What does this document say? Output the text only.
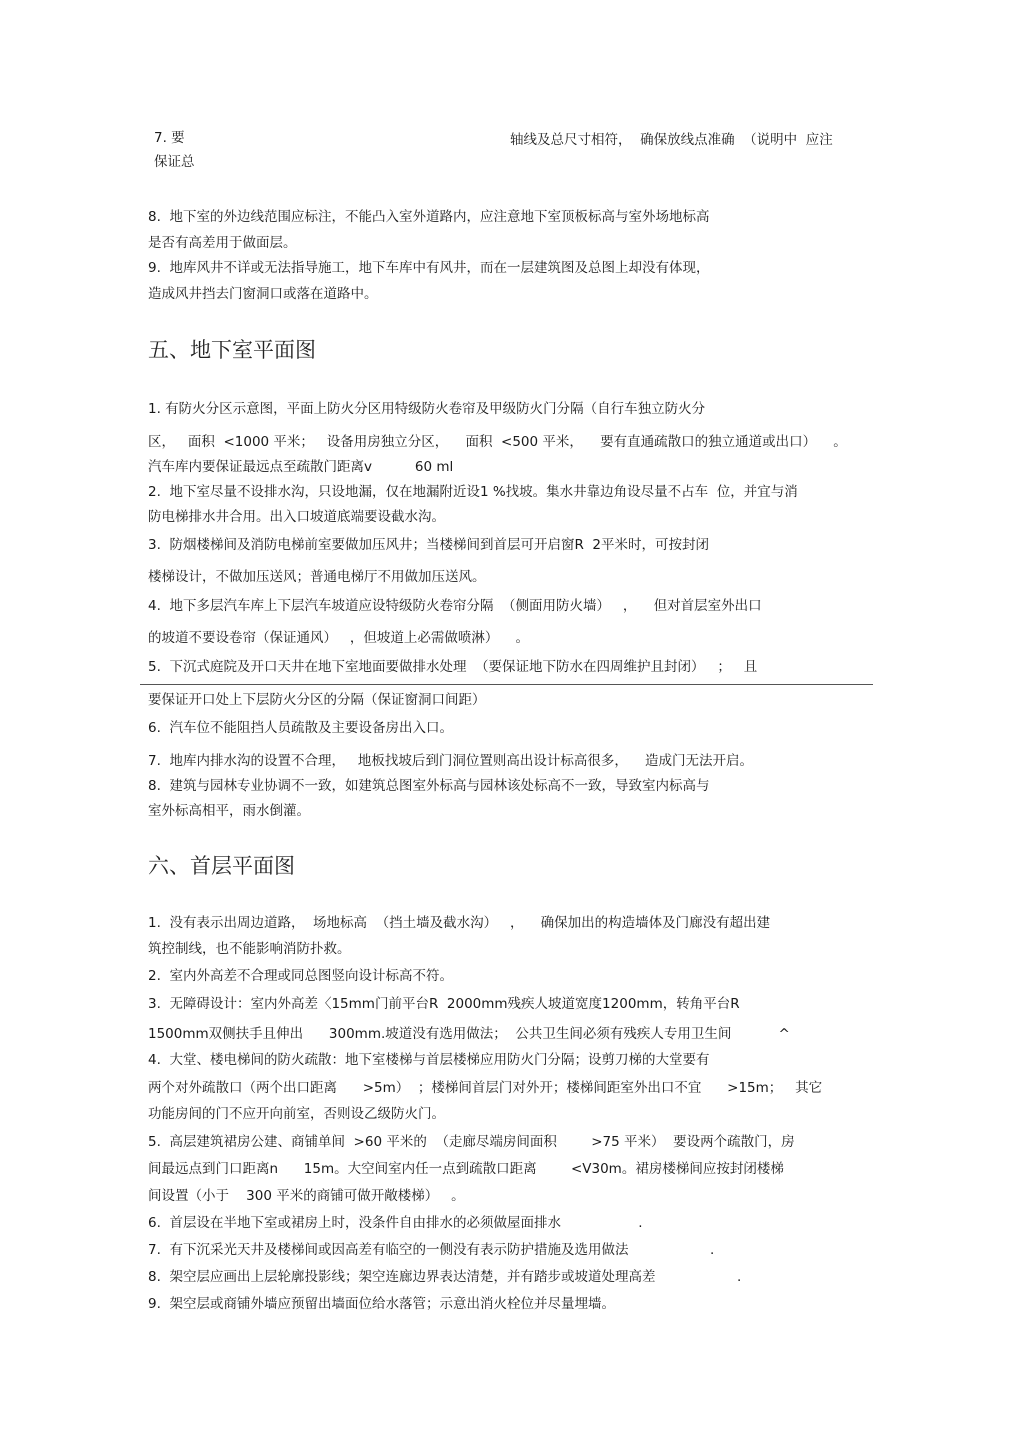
7. 要	轴线及总尺寸相符，  确保放线点准确  （说明中  应注
保证总
8.  地下室的外边线范围应标注，不能凸入室外道路内，应注意地下室顶板标高与室外场地标高
是否有高差用于做面层。
9.  地库风井不详或无法指导施工，地下车库中有风井，而在一层建筑图及总图上却没有体现，
造成风井挡去门窗洞口或落在道路中。
五、地下室平面图
1. 有防火分区示意图，平面上防火分区用特级防火卷帘及甲级防火门分隔（自行车独立防火分
区，   面积  <1000 平米；   设备用房独立分区，    面积  <500 平米，    要有直通疏散口的独立通道或出口）    。
汽车库内要保证最远点至疏散门距离v          60 ml
2.  地下室尽量不设排水沟，只设地漏，仅在地漏附近设1 %找坡。集水井靠边角设尽量不占车  位，并宜与消
防电梯排水井合用。出入口坡道底端要设截水沟。
3.  防烟楼梯间及消防电梯前室要做加压风井；当楼梯间到首层可开启窗R  2平米时，可按封闭
楼梯设计，不做加压送风；普通电梯厅不用做加压送风。
4.  地下多层汽车库上下层汽车坡道应设特级防火卷帘分隔  （侧面用防火墙）   ，    但对首层室外出口
的坡道不要设卷帘（保证通风）   ，但坡道上必需做喷淋）    。
5.  下沉式庭院及开口天井在地下室地面要做排水处理  （要保证地下防水在四周维护且封闭）   ；   且
要保证开口处上下层防火分区的分隔（保证窗洞口间距）
6.  汽车位不能阻挡人员疏散及主要设备房出入口。
7.  地库内排水沟的设置不合理，   地板找坡后到门洞位置则高出设计标高很多，    造成门无法开启。
8.  建筑与园林专业协调不一致，如建筑总图室外标高与园林该处标高不一致，导致室内标高与
室外标高相平，雨水倒灌。
六、首层平面图
1.  没有表示出周边道路，  场地标高  （挡土墙及截水沟）   ，    确保加出的构造墙体及门廊没有超出建
筑控制线，也不能影响消防扑救。
2.  室内外高差不合理或同总图竖向设计标高不符。
3.  无障碍设计：室内外高差〈15mm门前平台R  2000mm残疾人坡道宽度1200mm，转角平台R
1500mm双侧扶手且伸出      300mm.坡道没有选用做法；  公共卫生间必须有残疾人专用卫生间           ^
4.  大堂、楼电梯间的防火疏散：地下室楼梯与首层楼梯应用防火门分隔；设剪刀梯的大堂要有
两个对外疏散口（两个出口距离      >5m）  ；楼梯间首层门对外开；楼梯间距室外出口不宜      >15m；   其它
功能房间的门不应开向前室，否则设乙级防火门。
5.  高层建筑裙房公建、商铺单间  >60 平米的  （走廊尽端房间面积        >75 平米）  要设两个疏散门，房
间最远点到门口距离n      15m。大空间室内任一点到疏散口距离        <V30m。裙房楼梯间应按封闭楼梯
间设置（小于    300 平米的商铺可做开敞楼梯）   。
6.  首层设在半地下室或裙房上时，没条件自由排水的必须做屋面排水                  .
7.  有下沉采光天井及楼梯间或因高差有临空的一侧没有表示防护措施及选用做法                   .
8.  架空层应画出上层轮廓投影线；架空连廊边界表达清楚，并有踏步或坡道处理高差                   .
9.  架空层或商铺外墙应预留出墙面位给水落管；示意出消火栓位并尽量埋墙。
